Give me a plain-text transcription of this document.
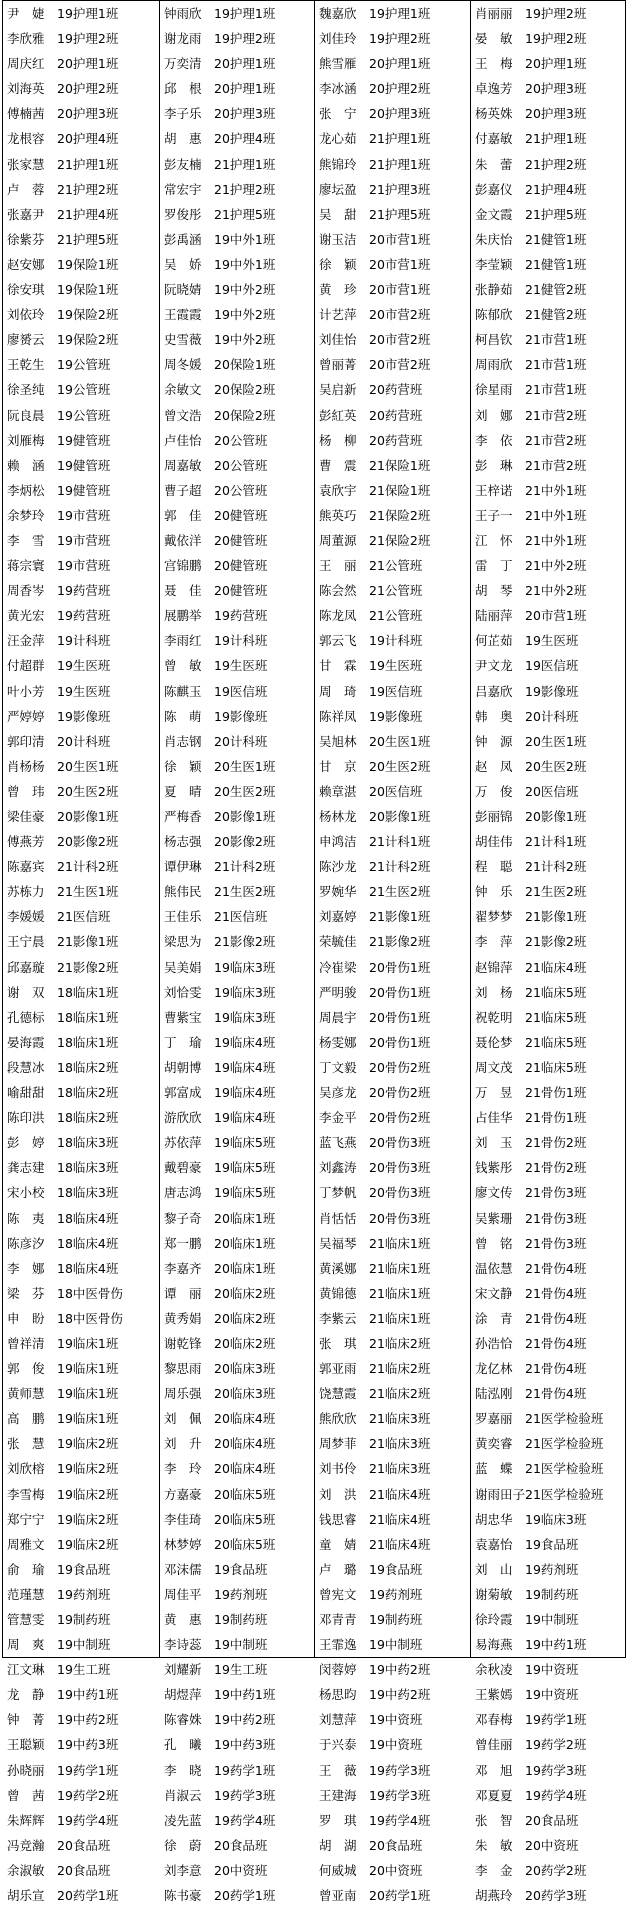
尹　婕 19护理1班
李欣雅 19护理2班
周庆红 20护理1班
刘海英 20护理2班
傅楠茜 20护理3班
龙根容 20护理4班
张家慧 21护理1班
卢　蓉 21护理2班
张嘉尹 21护理4班
徐紫芬 21护理5班
赵安娜 19保险1班
徐安琪 19保险1班
刘依玲 19保险2班
廖赟云 19保险2班
王乾生 19公管班
徐圣纯 19公管班
阮良晨 19公管班
刘雁梅 19健管班
赖　涵 19健管班
李炳松 19健管班
余梦玲 19市营班
李　雪 19市营班
蒋宗寰 19市营班
周香岑 19药营班
黄光宏 19药营班
汪金萍 19计科班
付超群 19生医班
叶小芳 19生医班
严婷婷 19影像班
郭印清 20计科班
肖杨杨 20生医1班
曾　玮 20生医2班
梁佳豪 20影像1班
傅燕芳 20影像2班
陈嘉宾 21计科2班
苏栋力 21生医1班
李媛媛 21医信班
王宁晨 21影像1班
邱嘉璇 21影像2班
谢　双 18临床1班
孔德标 18临床1班
晏海霞 18临床1班
段慧冰 18临床2班
喻甜甜 18临床2班
陈印洪 18临床2班
彭　婷 18临床3班
龚志建 18临床3班
宋小校 18临床3班
陈　夷 18临床4班
陈彦汐 18临床4班
李　娜 18临床4班
梁　芬 18中医骨伤
申　盼 18中医骨伤
曾祥清 19临床1班
郭　俊 19临床1班
黄师慧 19临床1班
高　鹏 19临床1班
张　慧 19临床2班
刘欣榕 19临床2班
李雪梅 19临床2班
郑宁宁 19临床2班
周雅文 19临床2班
俞　瑜 19食品班
范瑾慧 19药剂班
管慧雯 19制药班
周　爽 19中制班
江文琳 19生工班
龙　静 19中药1班
钟　菁 19中药2班
王聪颖 19中药3班
孙晓丽 19药学1班
曾　茜 19药学2班
朱辉辉 19药学4班
冯竞瀚 20食品班
余淑敏 20食品班
胡乐宣 20药学1班
钟雨欣 19护理1班
谢龙雨 19护理2班
万奕清 20护理1班
邱　根 20护理1班
李子乐 20护理3班
胡　惠 20护理4班
彭友楠 21护理1班
常宏宇 21护理2班
罗俊彤 21护理5班
彭禹涵 19中外1班
吴　娇 19中外1班
阮晓婧 19中外2班
王霞霞 19中外2班
史雪薇 19中外2班
周冬媛 20保险1班
余敏文 20保险2班
曾文浩 20保险2班
卢佳怡 20公管班
周嘉敏 20公管班
曹子超 20公管班
郭　佳 20健管班
戴依洋 20健管班
宫锦鹏 20健管班
聂　佳 20健管班
展鹏举 19药营班
李雨红 19计科班
曾　敏 19生医班
陈麒玉 19医信班
陈　萌 19影像班
肖志钢 20计科班
徐　颖 20生医1班
夏　晴 20生医2班
严梅香 20影像1班
杨志强 20影像2班
谭伊琳 21计科2班
熊伟民 21生医2班
王佳乐 21医信班
梁思为 21影像2班
吴美娟 19临床3班
刘恰雯 19临床3班
曹紫宝 19临床3班
丁　瑜 19临床4班
胡朝博 19临床4班
郭富成 19临床4班
游欣欣 19临床4班
苏依萍 19临床5班
戴碧豪 19临床5班
唐志鸿 19临床5班
黎子奇 20临床1班
郑一鹏 20临床1班
李嘉齐 20临床1班
谭　丽 20临床2班
黄秀娟 20临床2班
谢乾锋 20临床2班
黎思雨 20临床3班
周乐强 20临床3班
刘　佩 20临床4班
刘　升 20临床4班
李　玲 20临床4班
方嘉豪 20临床5班
李佳琦 20临床5班
林梦婷 20临床5班
邓沫儒 19食品班
周佳平 19药剂班
黄　惠 19制药班
李诗蕊 19中制班
刘耀新 19生工班
胡煜萍 19中药1班
陈睿姝 19中药2班
孔　曦 19中药3班
李　晓 19药学1班
肖淑云 19药学3班
凌先蓝 19药学4班
徐　蔚 20食品班
刘李意 20中资班
陈书豪 20药学1班
魏嘉欣 19护理1班
刘佳玲 19护理2班
熊雪雁 20护理1班
李冰涵 20护理2班
张　宁 20护理3班
龙心茹 21护理1班
熊锦玲 21护理1班
廖坛盈 21护理3班
吴　甜 21护理5班
谢玉洁 20市营1班
徐　颖 20市营1班
黄　珍 20市营1班
计艺萍 20市营2班
刘佳怡 20市营2班
曾丽菁 20市营2班
吴启新 20药营班
彭紅英 20药营班
杨　柳 20药营班
曹　震 21保险1班
袁欣宇 21保险1班
熊英巧 21保险2班
周董源 21保险2班
王　丽 21公管班
陈会然 21公管班
陈龙凤 21公管班
郭云飞 19计科班
甘　霖 19生医班
周　琦 19医信班
陈祥凤 19影像班
吴旭林 20生医1班
甘　京 20生医2班
赖章湛 20医信班
杨林龙 20影像1班
申鸿洁 21计科1班
陈沙龙 21计科2班
罗婉华 21生医2班
刘嘉婷 21影像1班
荣毓佳 21影像2班
冷崔梁 20骨伤1班
严明骏 20骨伤1班
周晨宇 20骨伤1班
杨雯娜 20骨伤1班
丁文毅 20骨伤2班
吴彦龙 20骨伤2班
李金平 20骨伤2班
蓝飞燕 20骨伤3班
刘鑫涛 20骨伤3班
丁梦帆 20骨伤3班
肖恬恬 20骨伤3班
吴福琴 21临床1班
黄溪娜 21临床1班
黄锦德 21临床1班
李紫云 21临床1班
张　琪 21临床2班
郭亚雨 21临床2班
饶慧霞 21临床2班
熊欣欣 21临床3班
周梦菲 21临床3班
刘书伶 21临床3班
刘　洪 21临床4班
钱思睿 21临床4班
童　婧 21临床4班
卢　璐 19食品班
曾宪文 19药剂班
邓青青 19制药班
王霏逸 19中制班
闵蓉婷 19中药2班
杨思昀 19中药2班
刘慧萍 19中资班
于兴泰 19中资班
王　薇 19药学3班
王建海 19药学3班
罗　琪 19药学4班
胡　湖 20食品班
何威城 20中资班
曾亚南 20药学1班
肖丽丽 19护理2班
晏　敏 19护理2班
王　梅 20护理1班
卓逸芳 20护理3班
杨英姝 20护理3班
付嘉敏 21护理1班
朱　蕾 21护理2班
彭嘉仪 21护理4班
金文霞 21护理5班
朱庆怡 21健管1班
李莹颖 21健管1班
张静茹 21健管2班
陈郁欣 21健管2班
柯昌钦 21市营1班
周雨欣 21市营1班
徐星雨 21市营1班
刘　娜 21市营2班
李　依 21市营2班
彭　琳 21市营2班
王梓诺 21中外1班
王子一 21中外1班
江　怀 21中外1班
雷　丁 21中外2班
胡　琴 21中外2班
陆丽萍 20市营1班
何芷茹 19生医班
尹文龙 19医信班
吕嘉欣 19影像班
韩　奥 20计科班
钟　源 20生医1班
赵　凤 20生医2班
万　俊 20医信班
彭丽锦 20影像1班
胡佳伟 21计科1班
程　聪 21计科2班
钟　乐 21生医2班
翟梦梦 21影像1班
李　萍 21影像2班
赵锦萍 21临床4班
刘　杨 21临床5班
祝乾明 21临床5班
聂伦梦 21临床5班
周文茂 21临床5班
万　昱 21骨伤1班
占佳华 21骨伤1班
刘　玉 21骨伤2班
钱紫彤 21骨伤2班
廖文传 21骨伤3班
吴紫珊 21骨伤3班
曾　铭 21骨伤3班
温依慧 21骨伤4班
宋文静 21骨伤4班
涂　青 21骨伤4班
孙浩恰 21骨伤4班
龙亿林 21骨伤4班
陆泓刚 21骨伤4班
罗嘉丽 21医学检验班
黄奕睿 21医学检验班
蓝　蝶 21医学检验班
谢雨田子21医学检验班
胡忠华 19临床3班
袁嘉怡 19食品班
刘　山 19药剂班
谢菊敏 19制药班
徐玲霞 19中制班
易海燕 19中药1班
余秋凌 19中资班
王紫嫣 19中资班
邓春梅 19药学1班
曾佳丽 19药学2班
邓　旭 19药学3班
邓夏夏 19药学4班
张　智 20食品班
朱　敏 20中资班
李　金 20药学2班
胡燕玲 20药学3班
